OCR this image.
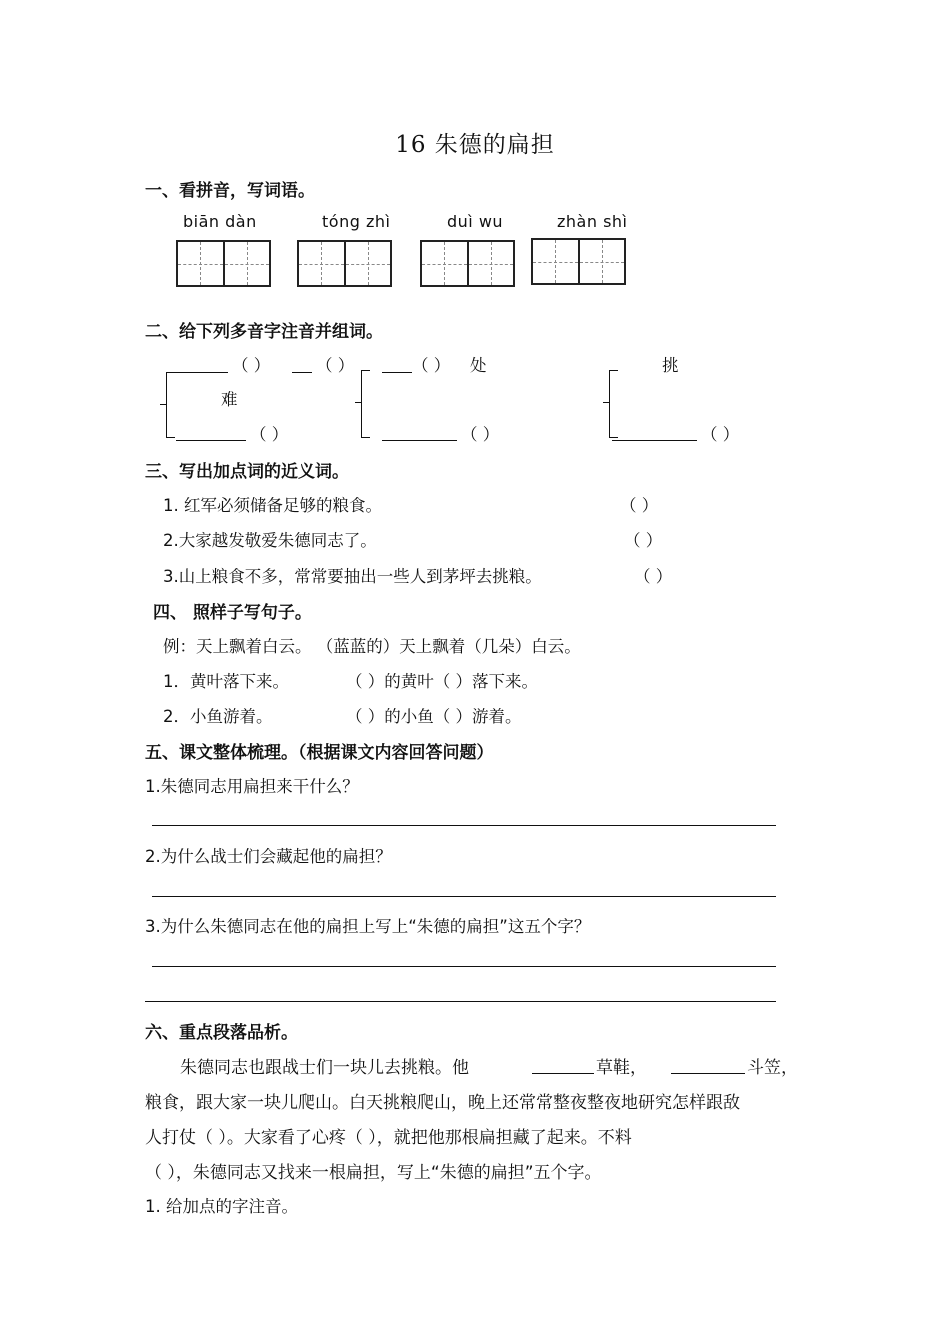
16 朱德的扁担
一、看拼音，写词语。
biān dàn	tóng zhì	duì wu	zhàn shì
二、给下列多音字注音并组词。
（ ）	（ ）
难
（ ）
（ ） 处
（ ）
挑
（ ）
三、写出加点词的近义词。
1. 红军必须储备足够的粮食。	（ ）
2.大家越发敬爱朱德同志了。	（ ）
3.山上粮食不多，常常要抽出一些人到茅坪去挑粮。	（ ）
四、 照样子写句子。
例：天上飘着白云。 （蓝蓝的）天上飘着（几朵）白云。
1．黄叶落下来。	（ ）的黄叶（ ）落下来。
2．小鱼游着。	（ ）的小鱼（ ）游着。
五、课文整体梳理。（根据课文内容回答问题）
1.朱德同志用扁担来干什么？
2.为什么战士们会藏起他的扁担？
3.为什么朱德同志在他的扁担上写上“朱德的扁担”这五个字？
六、重点段落品析。
朱德同志也跟战士们一块儿去挑粮。他	草鞋，	斗笠，
粮食，跟大家一块儿爬山。白天挑粮爬山，晚上还常常整夜整夜地研究怎样跟敌
人打仗（ ）。大家看了心疼（ ），就把他那根扁担藏了起来。不料
（ ），朱德同志又找来一根扁担，写上“朱德的扁担”五个字。
1. 给加点的字注音。
